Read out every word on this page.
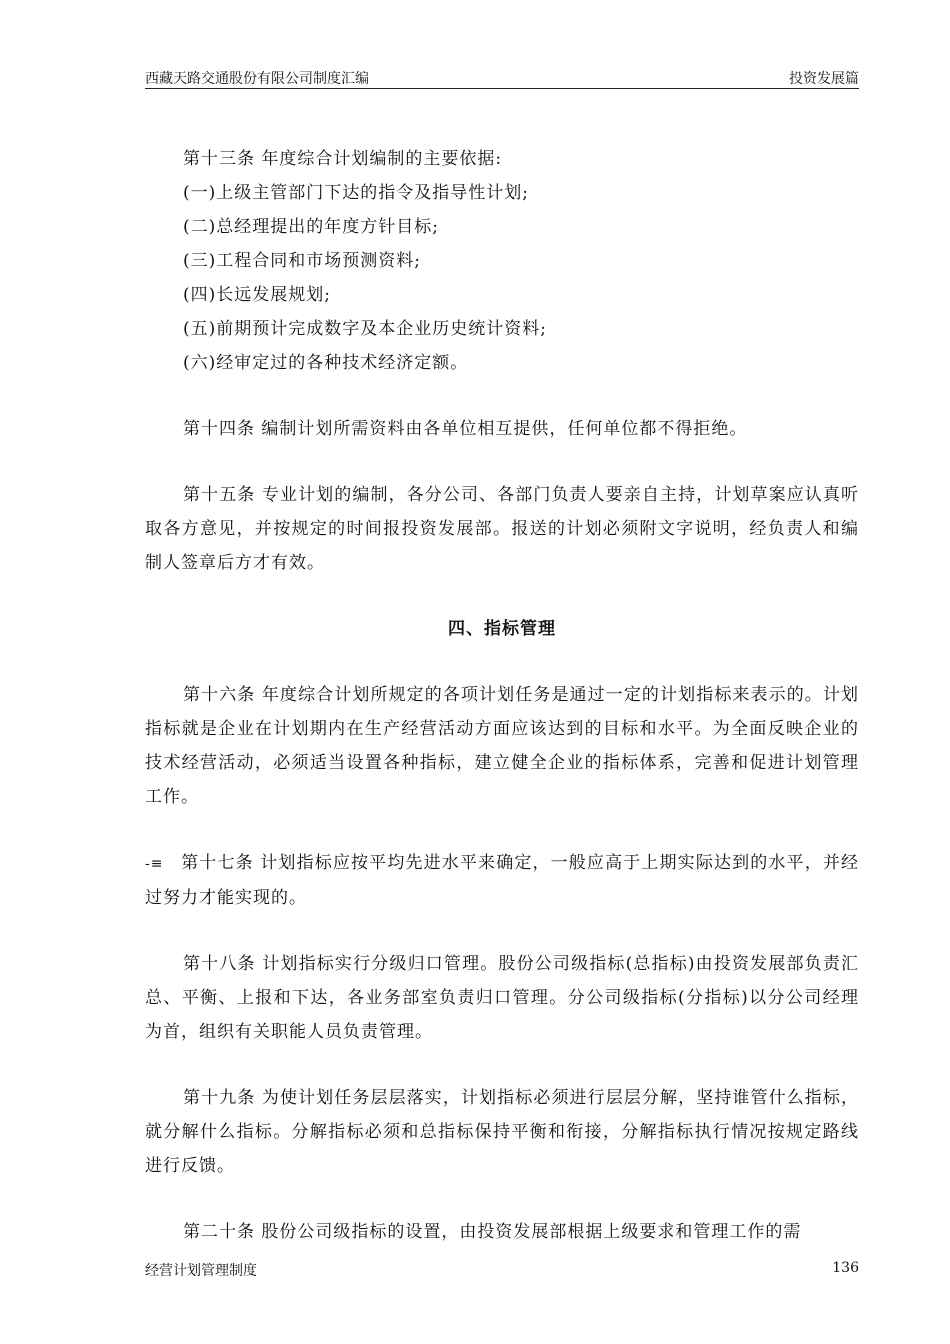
西藏天路交通股份有限公司制度汇编	投资发展篇

第十三条 年度综合计划编制的主要依据:

(一)上级主管部门下达的指令及指导性计划;

(二)总经理提出的年度方针目标;

(三)工程合同和市场预测资料;

(四)长远发展规划;

(五)前期预计完成数字及本企业历史统计资料;

(六)经审定过的各种技术经济定额。

第十四条 编制计划所需资料由各单位相互提供，任何单位都不得拒绝。

第十五条 专业计划的编制，各分公司、各部门负责人要亲自主持，计划草案应认真听取各方意见，并按规定的时间报投资发展部。报送的计划必须附文字说明，经负责人和编制人签章后方才有效。

四、指标管理

第十六条 年度综合计划所规定的各项计划任务是通过一定的计划指标来表示的。计划指标就是企业在计划期内在生产经营活动方面应该达到的目标和水平。为全面反映企业的技术经营活动，必须适当设置各种指标，建立健全企业的指标体系，完善和促进计划管理工作。

-≡ 第十七条 计划指标应按平均先进水平来确定，一般应高于上期实际达到的水平，并经过努力才能实现的。

第十八条 计划指标实行分级归口管理。股份公司级指标(总指标)由投资发展部负责汇总、平衡、上报和下达，各业务部室负责归口管理。分公司级指标(分指标)以分公司经理为首，组织有关职能人员负责管理。

第十九条 为使计划任务层层落实，计划指标必须进行层层分解，坚持谁管什么指标，就分解什么指标。分解指标必须和总指标保持平衡和衔接，分解指标执行情况按规定路线进行反馈。

第二十条 股份公司级指标的设置，由投资发展部根据上级要求和管理工作的需

经营计划管理制度	136
